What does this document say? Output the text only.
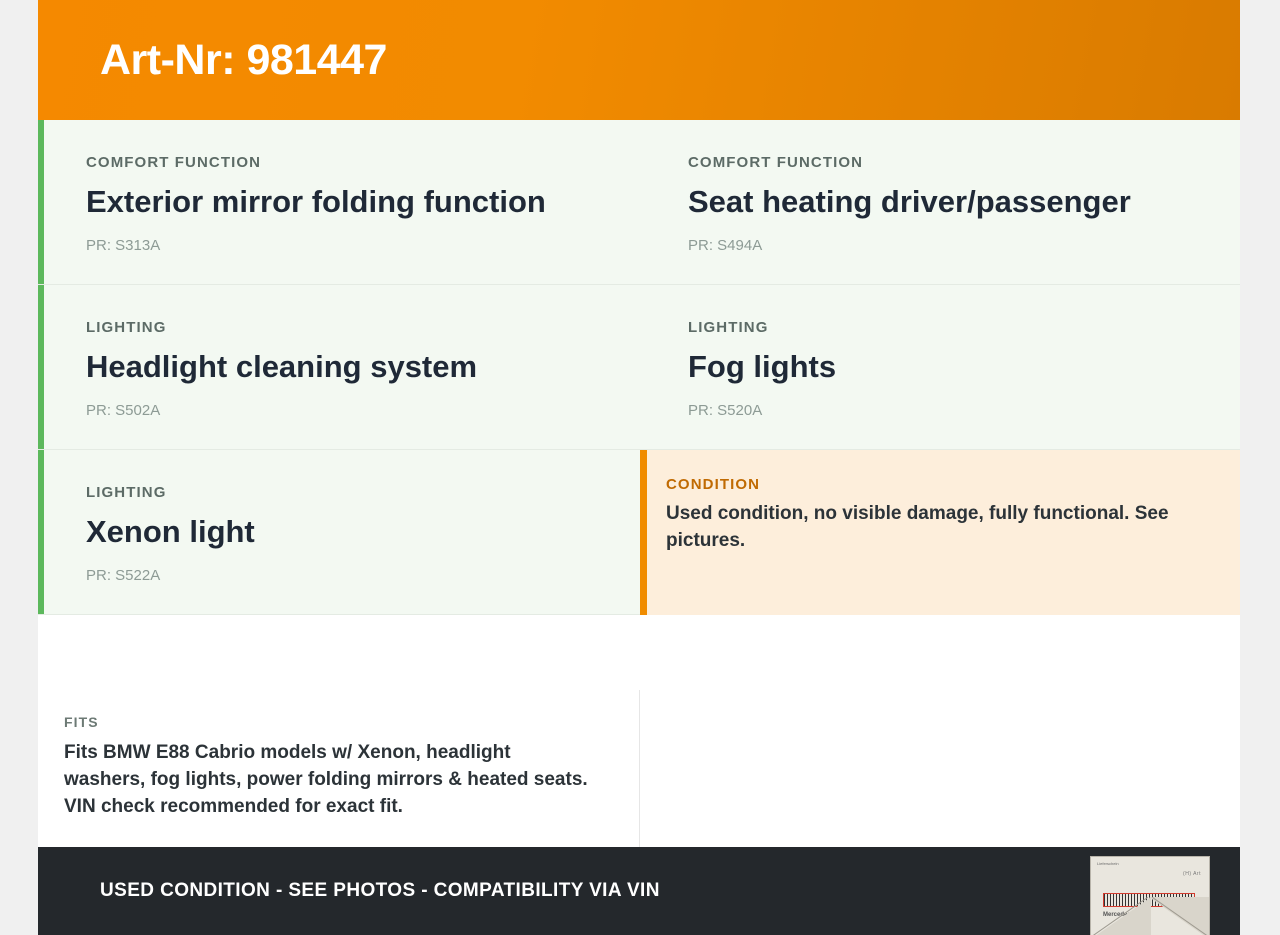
Art-Nr: 981447
COMFORT FUNCTION
Exterior mirror folding function
PR: S313A
COMFORT FUNCTION
Seat heating driver/passenger
PR: S494A
LIGHTING
Headlight cleaning system
PR: S502A
LIGHTING
Fog lights
PR: S520A
LIGHTING
Xenon light
PR: S522A
CONDITION
Used condition, no visible damage, fully functional. See pictures.
FITS
Fits BMW E88 Cabrio models w/ Xenon, headlight washers, fog lights, power folding mirrors & heated seats. VIN check recommended for exact fit.
USED CONDITION - SEE PHOTOS - COMPATIBILITY VIA VIN
Lieferschein
(H) Art
Mercedes-Benz
